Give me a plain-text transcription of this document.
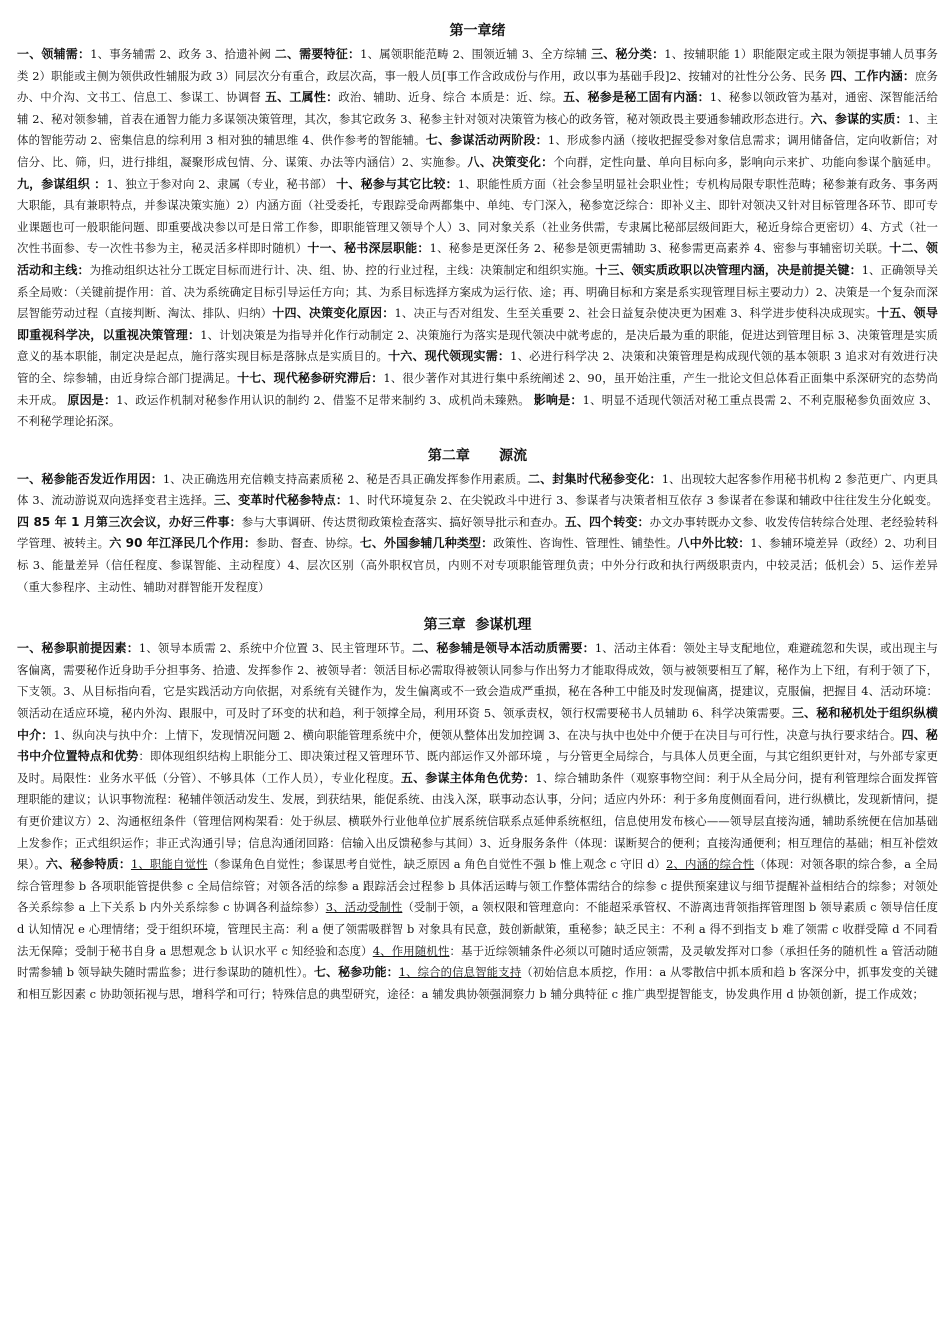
第一章绪

一、领辅需：1、事务辅需 2、政务 3、拾遗补阙 二、需要特征：1、属领职能范畴 2、围领近辅 3、全方综辅 三、秘分类：1、按辅职能 1）职能限定或主限为领提事辅人员事务类 2）职能或主侧为领供政性辅服为政 3）同层次分有重合，政层次高，事一般人员[事工作含政成份与作用，政以事为基础手段]2、按辅对的社性分公务、民务 四、工作内涵：庶务办、中介沟、文书工、信息工、参谋工、协调督 五、工属性：政治、辅助、近身、综合 本质是：近、综。五、秘参是秘工固有内涵：1、秘参以领政管为基对，通密、深智能活给辅 2、秘对领参辅，首表在通智力能力多谋领决策管理，其次，参其它政务 3、秘参主针对领对决策管为核心的政务管，秘对领政畏主要通参辅政形态进行。六、参谋的实质：1、主体的智能劳动 2、密集信息的综利用 3 相对独的辅思维 4、供作参考的智能辅。七、参谋活动两阶段：1、形成参内涵（接收把握受参对象信息需求；调用储备信，定向收新信；对信分、比、筛，归，进行排组，凝聚形成包情、分、谋策、办法等内涵信）2、实施参。八、决策变化：个向群，定性向量、单向目标向多，影响向示来扩、功能向参谋个脑延申。九，参谋组织 ：1、独立于参对向 2、隶属（专业，秘书部） 十、秘参与其它比较：1、职能性质方面（社会参呈明显社会职业性；专机构局限专职性范畴；秘参兼有政务、事务两大职能，具有兼职特点，并参谋决策实施）2）内涵方面（社受委托，专跟踪受命两都集中、单纯、专门深入，秘参宽泛综合：即补义主、即针对领决又针对目标管理各环节、即可专业课题也可一般职能问题、即重要战决参以可是日常工作参，即职能管理又领导个人）3、同对象关系（社业务供需，专隶属比秘部层级间距大，秘近身综合更密切）4、方式（社一次性书面参、专一次性书参为主，秘灵活多样即时随机）十一、秘书深层职能：1、秘参是更深任务 2、秘参是领更需辅助 3、秘参需更高素养 4、密参与事辅密切关联。十二、领活动和主线：为推动组织达社分工既定目标而进行计、决、组、协、控的行业过程，主线：决策制定和组织实施。十三、领实质政职以决管理内涵，决是前提关键：1、正确领导关系全局败：（关键前提作用：首、决为系统确定目标引导运任方向；其、为系目标选择方案成为运行依、途；再、明确目标和方案是系实现管理目标主要动力）2、决策是一个复杂而深层智能劳动过程（直接判断、淘汰、排队、归纳）十四、决策变化原因：1、决正与否对组发、生至关重要 2、社会日益复杂使决更为困难 3、科学进步使科决成现实。十五、领导即重视科学决，以重视决策管理：1、计划决策是为指导并化作行动制定 2、决策施行为落实是现代领决中就考虑的，是决后最为重的职能，促进达到管理目标 3、决策管理是实质意义的基本职能，制定决是起点，施行落实现目标是落脉点是实质目的。十六、现代领现实需：1、必进行科学决 2、决策和决策管理是构成现代领的基本领职 3 追求对有效进行决管的全、综参辅，由近身综合部门提满足。十七、现代秘参研究滞后：1、很少著作对其进行集中系统阐述 2、90，虽开始注重，产生一批论文但总体看正面集中系深研究的态势尚未开成。 原因是：1、政运作机制对秘参作用认识的制约 2、借鉴不足带来制约 3、成机尚未臻熟。 影响是：1、明显不适现代领活对秘工重点畏需 2、不利克服秘参负面效应 3、不利秘学理论拓深。

第二章      源流

一、秘参能否发近作用因：1、决正确选用充信赖支持高素质秘 2、秘是否具正确发挥参作用素质。二、封集时代秘参变化：1、出现较大起客参作用秘书机构 2 参范更广、内更具体 3、流动游说双向选择变君主选择。三、变革时代秘参特点：1、时代环境复杂 2、在尖锐政斗中进行 3、参谋者与决策者相互依存 3 参谋者在参谋和辅政中往往发生分化蜕变。四 85 年 1 月第三次会议，办好三件事：参与大事调研、传达贯彻政策检查落实、搞好领导批示和查办。五、四个转变：办文办事转既办文参、收发传信转综合处理、老经验转科学管理、被转主。六 90 年江泽民几个作用：参助、督查、协综。七、外国参辅几种类型：政策性、咨询性、管理性、铺垫性。八中外比较：1、参辅环境差异（政经）2、功利目标 3、能量差异（信任程度、参谋智能、主动程度）4、层次区别（高外职权官员，内则不对专项职能管理负责；中外分行政和执行两级职责内，中较灵活；低机会）5、运作差异（重大参程序、主动性、辅助对群智能开发程度）

第三章  参谋机理

一、秘参职前提因素：1、领导本质需 2、系统中介位置 3、民主管理环节。二、秘参辅是领导本活动质需要：1、活动主体看：领处主导支配地位，难避疏忽和失误，或出现主与客偏离，需要秘作近身助手分担事务、拾遗、发挥参作 2、被领导者：领活目标必需取得被领认同参与作出努力才能取得成效，领与被领要相互了解，秘作为上下纽，有利于领了下，下支领。3、从目标指向看，它是实践活动方向依据，对系统有关键作为，发生偏离或不一致会造成严重损，秘在各种工中能及时发现偏离，提建议，克服偏，把握目 4、活动环境：领活动在适应环境，秘内外沟、跟服中，可及时了环变的状和趋，利于领撑全局，利用环资 5、领承责权，领行权需要秘书人员辅助 6、科学决策需要。三、秘和秘机处于组织纵横中介：1、纵向决与执中介：上情下，发现情况问题 2、横向职能管理系统中介，便领从整体出发加控调 3、在决与执中也处中介便于在决目与可行性，决意与执行要求结合。四、秘书中介位置特点和优势：即体现组织结构上职能分工、即决策过程又管理环节、既内部运作又外部环境 ，与分管更全局综合，与具体人员更全面，与其它组织更针对，与外部专家更及时。局限性：业务水平低（分管）、不够具体（工作人员），专业化程度。五、参谋主体角色优势：1、综合辅助条件（观察事物空间：利于从全局分问，提有利管理综合面发挥管理职能的建议；认识事物流程：秘辅伴领活动发生、发展，到获结果，能促系统、由浅入深，联事动态认事，分问；适应内外环：利于多角度侧面看问，进行纵横比，发现新情问，提有更价建议方）2、沟通枢纽条件（管理信网构架看：处于纵层、横联外行业他单位扩展系统信联系点延伸系统枢纽，信息使用发布核心——领导层直接沟通，辅助系统便在信加基础上发参作；正式组织运作；非正式沟通引导；信息沟通闭回路：信输入出反馈秘参与其间）3、近身服务条件（体现：谋断契合的便利；直接沟通便利；相互理信的基础；相互补偿效果）。六、秘参特质：1、职能自觉性（参谋角色自觉性；参谋思考自觉性，缺乏原因 a 角色自觉性不强 b 惟上观念 c 守旧 d）2、内涵的综合性（体现：对领各职的综合参，a 全局综合管理参 b 各项职能管提供参 c 全局信综管；对领各活的综参 a 跟踪活会过程参 b 具体活运畴与领工作整体需结合的综参 c 提供预案建议与细节提醒补益相结合的综参；对领处各关系综参 a 上下关系 b 内外关系综参 c 协调各利益综参）3、活动受制性（受制于领，a 领权限和管理意向：不能超采承管权、不游离违背领指挥管理图 b 领导素质 c 领导信任度 d 认知情况 e 心理情绪；受于组织环境，管理民主高：利 a 便了领需吸群智 b 对象具有民意，鼓创新献策，重秘参；缺乏民主：不利 a 得不到指支 b 难了领需 c 收群受障 d 不同看法无保障；受制于秘书自身 a 思想观念 b 认识水平 c 知经验和态度）4、作用随机性：基于近综领辅条件必须以可随时适应领需，及灵敏发挥对口参（承担任务的随机性 a 管活动随时需参辅 b 领导缺失随时需监参；进行参谋助的随机性）。七、秘参功能：1、综合的信息智能支持（初始信息本质挖，作用：a 从零散信中抓本质和趋 b 客深分中，抓事发变的关键和相互影因素 c 协助领拓视与思，增科学和可行；特殊信息的典型研究，途径：a 辅发典协领强洞察力 b 辅分典特征 c 推广典型提智能支，协发典作用 d 协领创新，提工作成效；
